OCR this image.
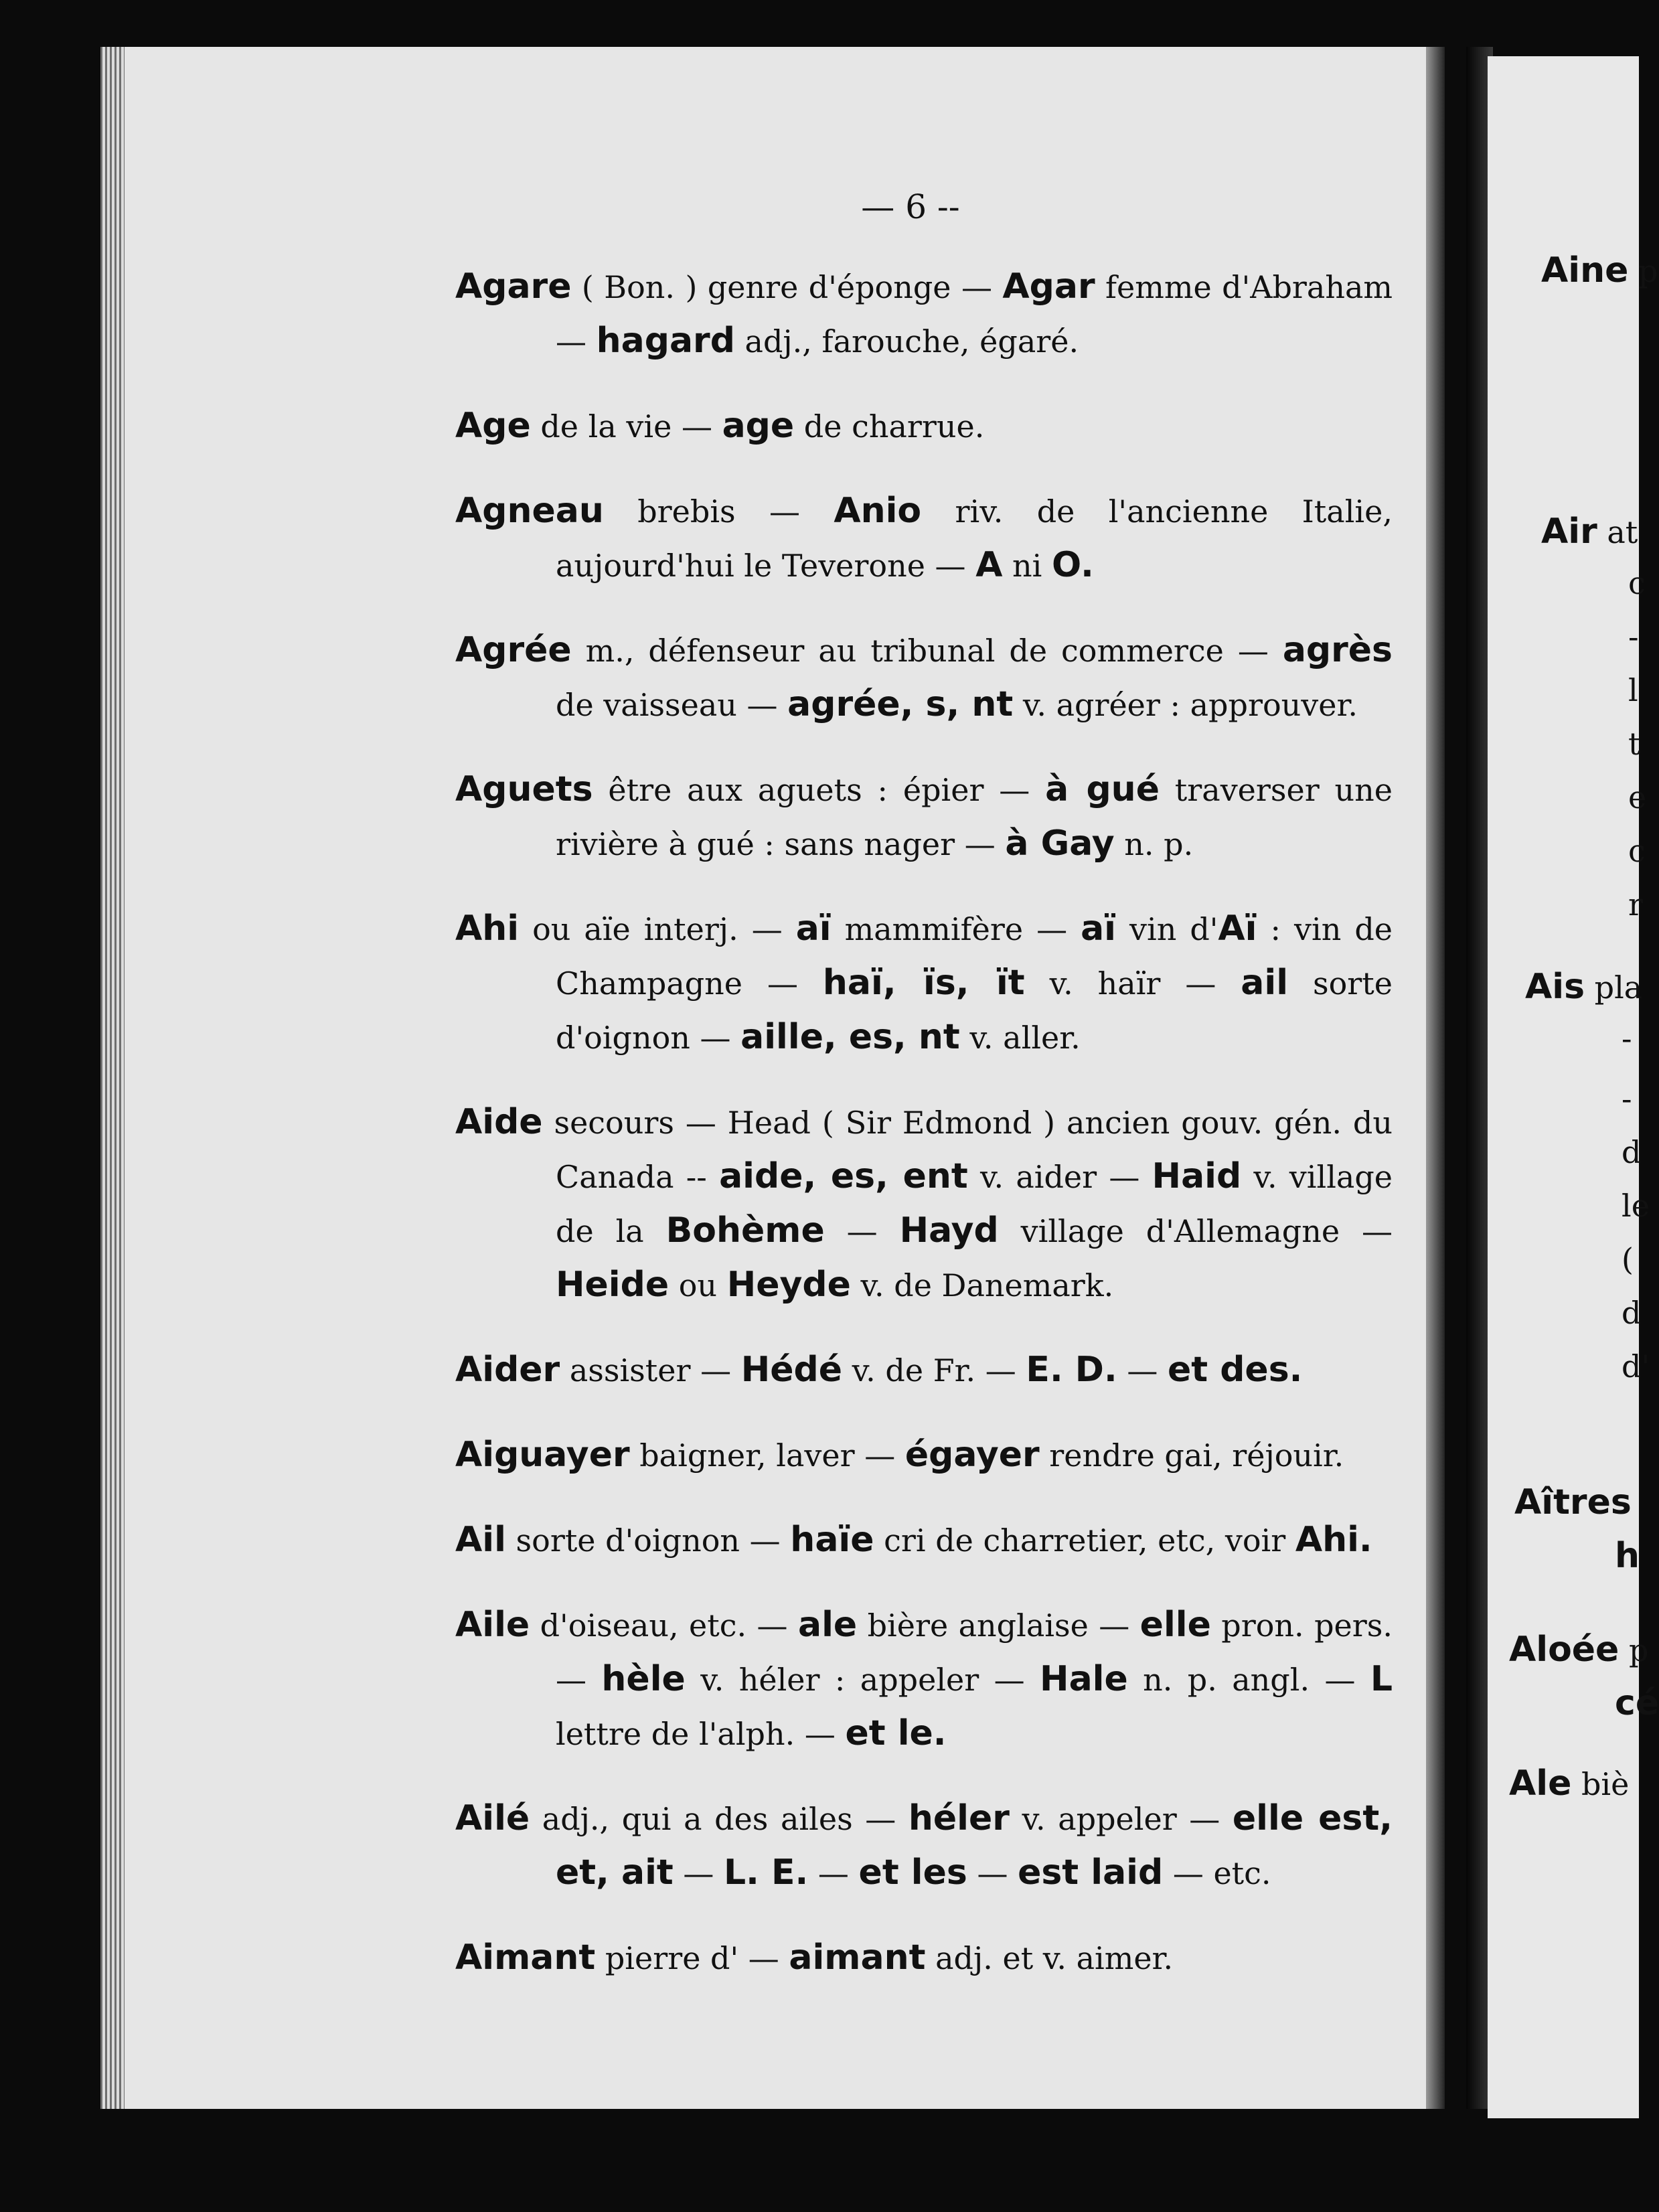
— 6 --

Agare ( Bon. ) genre d'éponge — Agar femme d'Abraham — hagard adj., farouche, égaré.

Age de la vie — age de charrue.

Agneau brebis — Anio riv. de l'ancienne Italie, aujourd'hui le Teverone — A ni O.

Agrée m., défenseur au tribunal de commerce — agrès de vaisseau — agrée, s, nt v. agréer : approuver.

Aguets être aux aguets : épier — à gué traverser une rivière à gué : sans nager — à Gay n. p.

Ahi ou aïe interj. — aï mammifère — aï vin d'Aï : vin de Champagne — haï, ïs, ït v. haïr — ail sorte d'oignon — aille, es, nt v. aller.

Aide secours — Head ( Sir Edmond ) ancien gouv. gén. du Canada -- aide, es, ent v. aider — Haid v. village de la Bohème — Hayd village d'Allemagne — Heide ou Heyde v. de Danemark.

Aider assister — Hédé v. de Fr. — E. D. — et des.

Aiguayer baigner, laver — égayer rendre gai, réjouir.

Ail sorte d'oignon — haïe cri de charretier, etc, voir Ahi.

Aile d'oiseau, etc. — ale bière anglaise — elle pron. pers. — hèle v. héler : appeler — Hale n. p. angl. — L lettre de l'alph. — et le.

Ailé adj., qui a des ailes — héler v. appeler — elle est, et, ait — L. E. — et les — est laid — etc.

Aimant pierre d' — aimant adj. et v. aimer.

Aine p
Air at
c
-
l
t
e
c
r
Ais pla
-
-
d
le
(
d
d'
Aîtres
h
Aloée p
cé
Ale biè
